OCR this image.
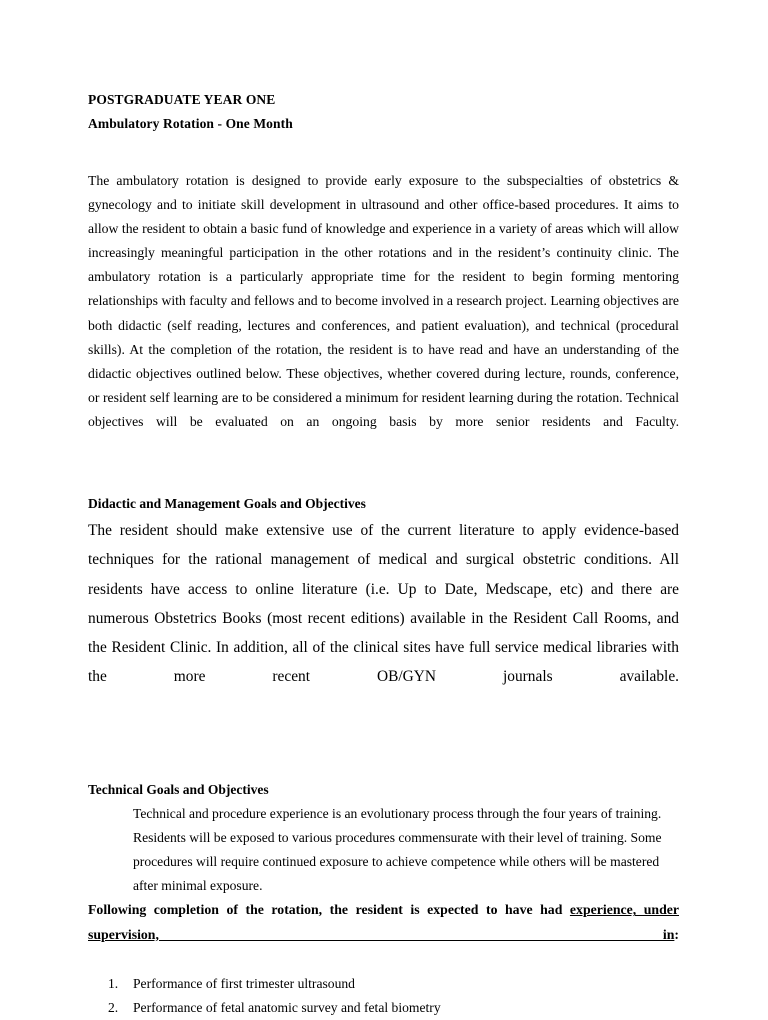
POSTGRADUATE YEAR ONE
Ambulatory Rotation - One Month

The ambulatory rotation is designed to provide early exposure to the subspecialties of obstetrics & gynecology and to initiate skill development in ultrasound and other office-based procedures. It aims to allow the resident to obtain a basic fund of knowledge and experience in a variety of areas which will allow increasingly meaningful participation in the other rotations and in the resident’s continuity clinic. The ambulatory rotation is a particularly appropriate time for the resident to begin forming mentoring relationships with faculty and fellows and to become involved in a research project. Learning objectives are both didactic (self reading, lectures and conferences, and patient evaluation), and technical (procedural skills). At the completion of the rotation, the resident is to have read and have an understanding of the didactic objectives outlined below. These objectives, whether covered during lecture, rounds, conference, or resident self learning are to be considered a minimum for resident learning during the rotation. Technical objectives will be evaluated on an ongoing basis by more senior residents and Faculty.

Didactic and Management Goals and Objectives

The resident should make extensive use of the current literature to apply evidence-based techniques for the rational management of medical and surgical obstetric conditions. All residents have access to online literature (i.e. Up to Date, Medscape, etc) and there are numerous Obstetrics Books (most recent editions) available in the Resident Call Rooms, and the Resident Clinic. In addition, all of the clinical sites have full service medical libraries with the more recent OB/GYN journals available.

Technical Goals and Objectives

Technical and procedure experience is an evolutionary process through the four years of training. Residents will be exposed to various procedures commensurate with their level of training. Some procedures will require continued exposure to achieve competence while others will be mastered after minimal exposure.

Following completion of the rotation, the resident is expected to have had experience, under supervision, in:

1.	Performance of first trimester ultrasound
2.	Performance of fetal anatomic survey and fetal biometry
